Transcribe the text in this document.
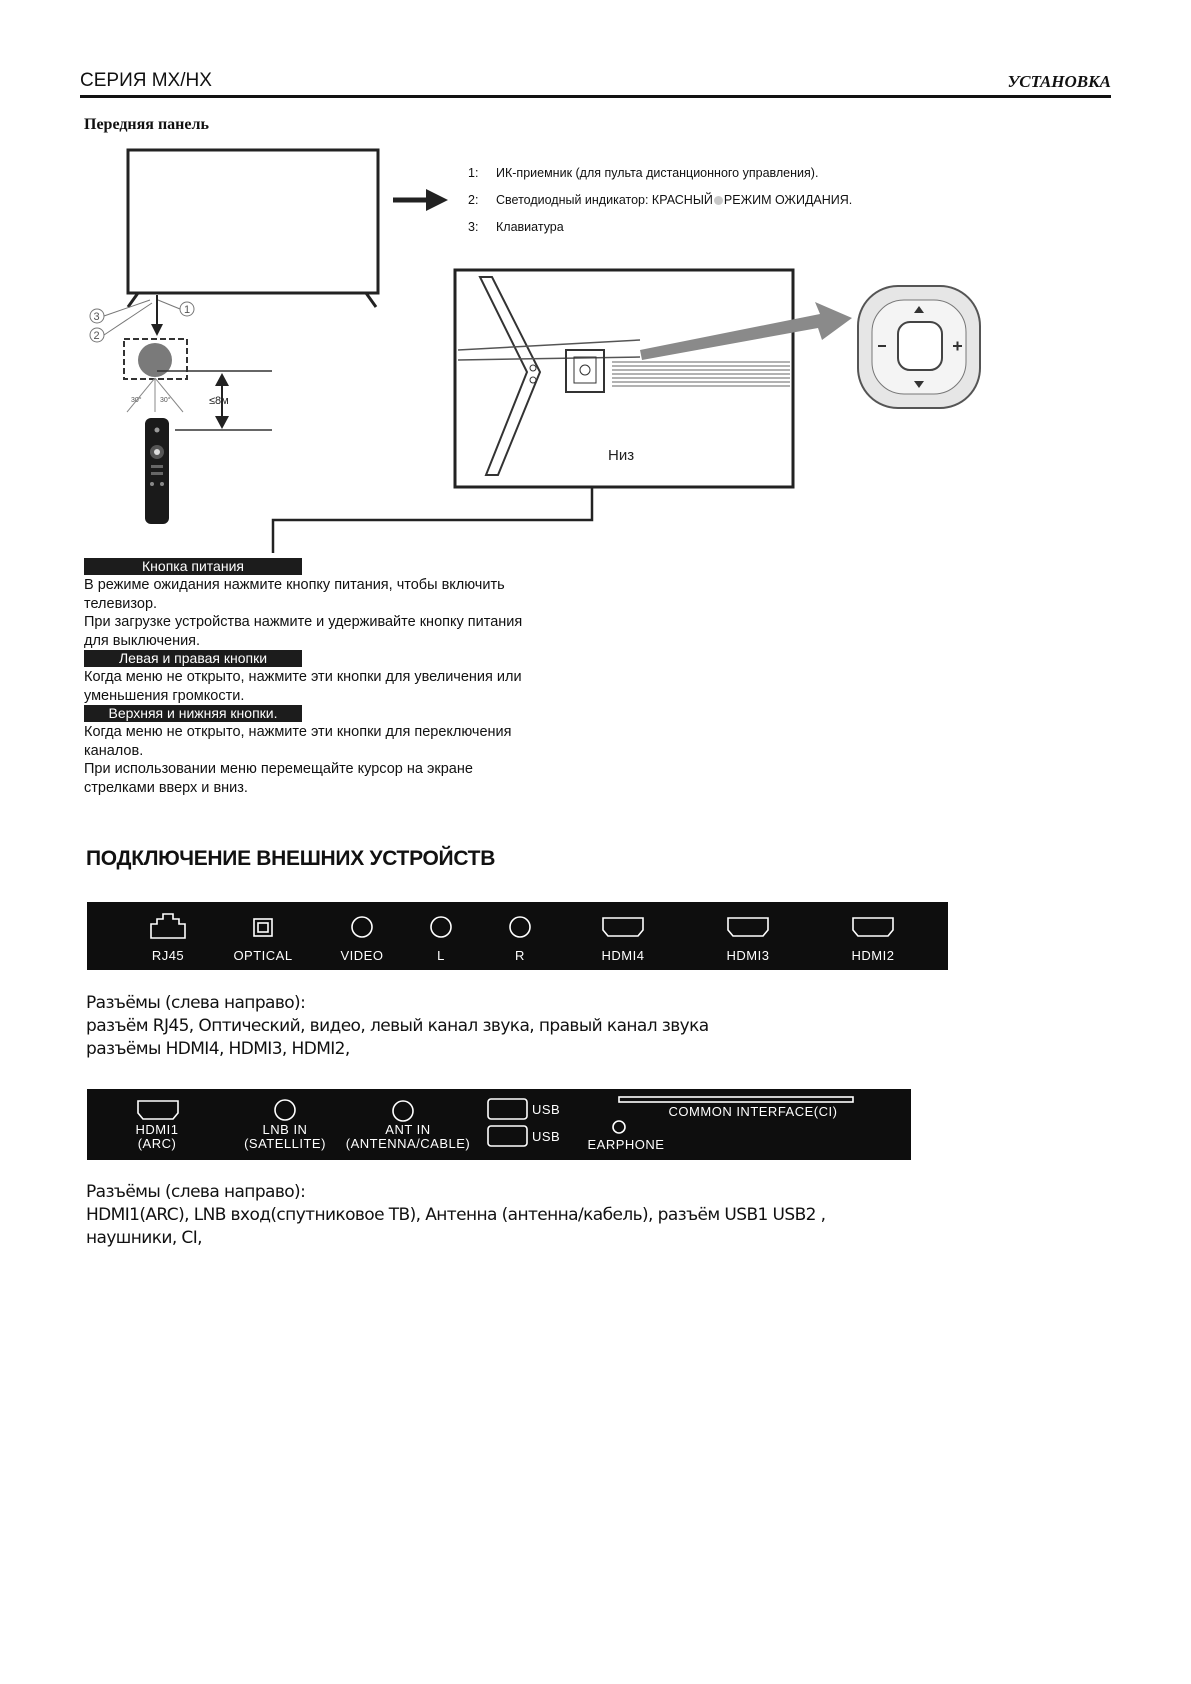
СЕРИЯ MX/HX	УСТАНОВКА
Передняя панель
1: ИК-приемник (для пульта дистанционного управления).
2: Светодиодный индикатор: КРАСНЫЙ РЕЖИМ ОЖИДАНИЯ.
3: Клавиатура
3
2
1
≤8м
30°	30°
Низ
Кнопка питания
В режиме ожидания нажмите кнопку питания, чтобы включить
телевизор.
При загрузке устройства нажмите и удерживайте кнопку питания
для выключения.
Левая и правая кнопки
Когда меню не открыто, нажмите эти кнопки для увеличения или
уменьшения громкости.
Верхняя и нижняя кнопки.
Когда меню не открыто, нажмите эти кнопки для переключения
каналов.
При использовании меню перемещайте курсор на экране
стрелками вверх и вниз.
ПОДКЛЮЧЕНИЕ ВНЕШНИХ УСТРОЙСТВ
RJ45	OPTICAL	VIDEO	L	R	HDMI4	HDMI3	HDMI2
Разъёмы (слева направо):
разъём RJ45, Оптический, видео, левый канал звука, правый канал звука
разъёмы HDMI4, HDMI3, HDMI2,
HDMI1
(ARC)
LNB IN
(SATELLITE)
ANT IN
(ANTENNA/CABLE)
USB
USB
EARPHONE
COMMON INTERFACE(CI)
Разъёмы (слева направо):
HDMI1(ARC), LNB вход(спутниковое ТВ), Антенна (антенна/кабель), разъём USB1 USB2 ,
наушники, CI,
